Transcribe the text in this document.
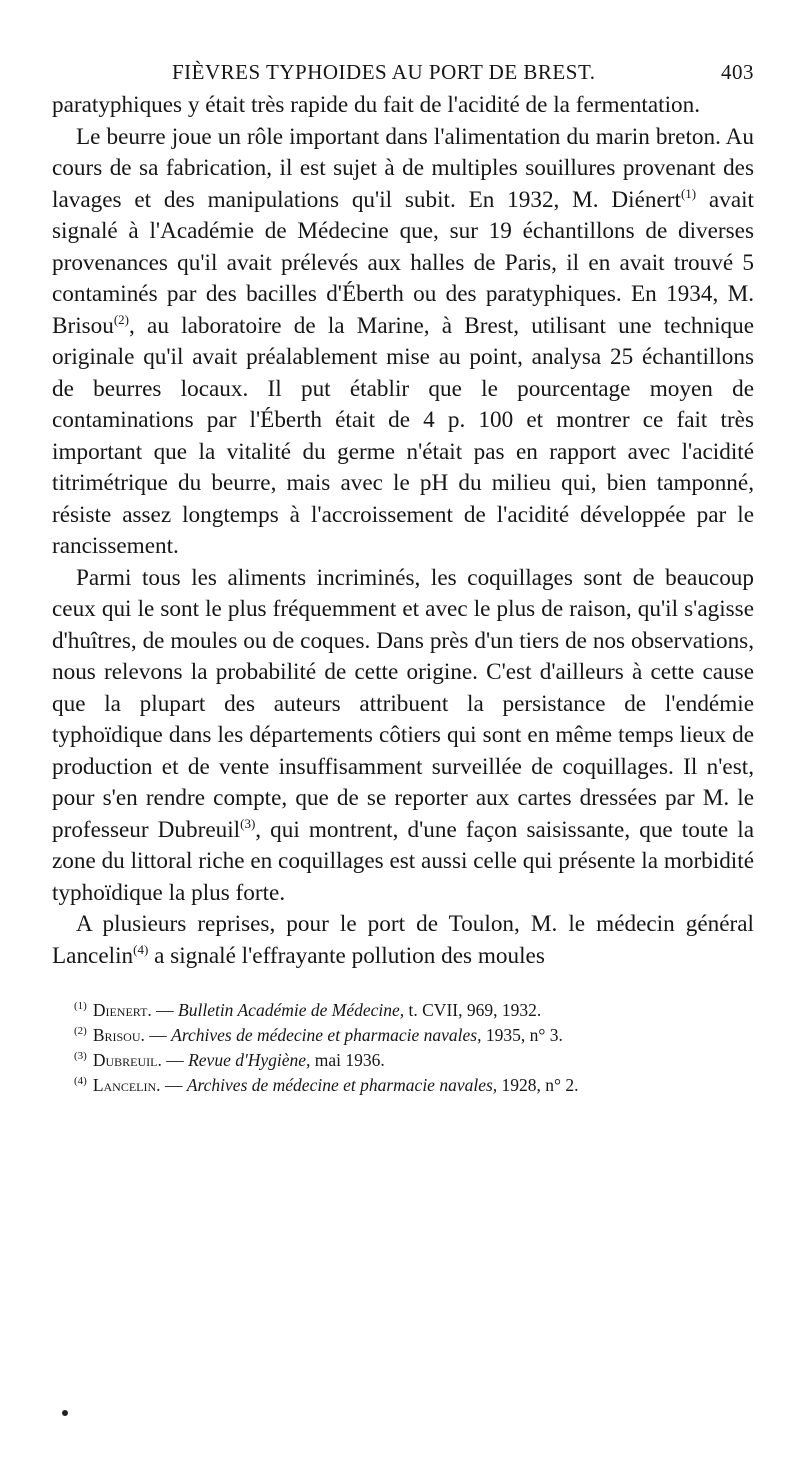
FIÈVRES TYPHOIDES AU PORT DE BREST.	403

paratyphiques y était très rapide du fait de l'acidité de la fermentation.

Le beurre joue un rôle important dans l'alimentation du marin breton. Au cours de sa fabrication, il est sujet à de multiples souillures provenant des lavages et des manipulations qu'il subit. En 1932, M. Diénert$^{(1)}$ avait signalé à l'Académie de Médecine que, sur 19 échantillons de diverses provenances qu'il avait prélevés aux halles de Paris, il en avait trouvé 5 contaminés par des bacilles d'Éberth ou des paratyphiques. En 1934, M. Brisou$^{(2)}$, au laboratoire de la Marine, à Brest, utilisant une technique originale qu'il avait préalablement mise au point, analysa 25 échantillons de beurres locaux. Il put établir que le pourcentage moyen de contaminations par l'Éberth était de 4 p. 100 et montrer ce fait très important que la vitalité du germe n'était pas en rapport avec l'acidité titrimétrique du beurre, mais avec le pH du milieu qui, bien tamponné, résiste assez longtemps à l'accroissement de l'acidité développée par le rancissement.

Parmi tous les aliments incriminés, les coquillages sont de beaucoup ceux qui le sont le plus fréquemment et avec le plus de raison, qu'il s'agisse d'huîtres, de moules ou de coques. Dans près d'un tiers de nos observations, nous relevons la probabilité de cette origine. C'est d'ailleurs à cette cause que la plupart des auteurs attribuent la persistance de l'endémie typhoïdique dans les départements côtiers qui sont en même temps lieux de production et de vente insuffisamment surveillée de coquillages. Il n'est, pour s'en rendre compte, que de se reporter aux cartes dressées par M. le professeur Dubreuil$^{(3)}$, qui montrent, d'une façon saisissante, que toute la zone du littoral riche en coquillages est aussi celle qui présente la morbidité typhoïdique la plus forte.

A plusieurs reprises, pour le port de Toulon, M. le médecin général Lancelin$^{(4)}$ a signalé l'effrayante pollution des moules

$^{(1)}$ Dienert. — Bulletin Académie de Médecine, t. CVII, 969, 1932.
$^{(2)}$ Brisou. — Archives de médecine et pharmacie navales, 1935, n° 3.
$^{(3)}$ Dubreuil. — Revue d'Hygiène, mai 1936.
$^{(4)}$ Lancelin. — Archives de médecine et pharmacie navales, 1928, n° 2.
